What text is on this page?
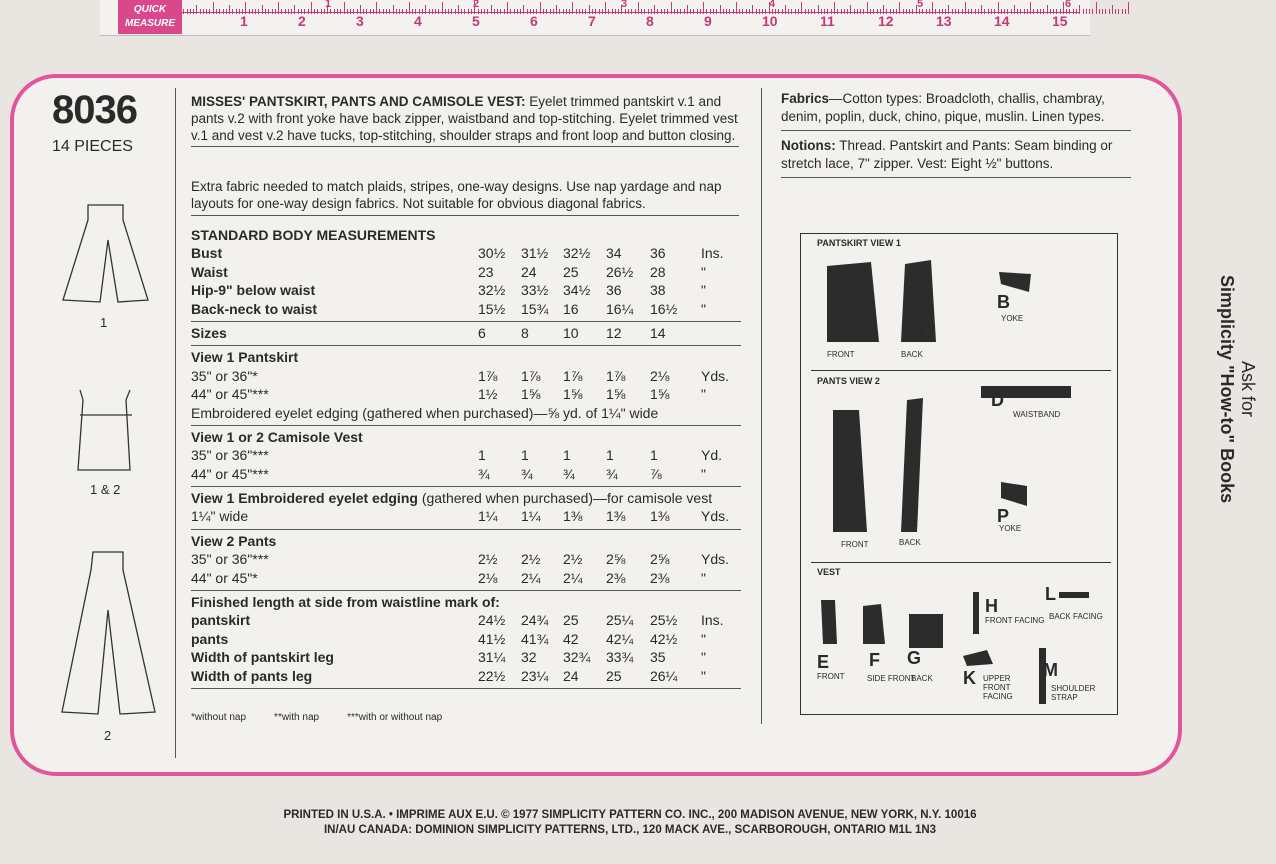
1	2	3	4	5	6	7	8	9	10	11	12	13	14	15
1	2	3	4	5	6
QUICK
MEASURE
8036
14 PIECES
1
1 & 2
2
MISSES' PANTSKIRT, PANTS AND CAMISOLE VEST: Eyelet trimmed pantskirt v.1 and pants v.2 with front yoke have back zipper, waistband and top-stitching. Eyelet trimmed vest v.1 and vest v.2 have tucks, top-stitching, shoulder straps and front loop and button closing.
Extra fabric needed to match plaids, stripes, one-way designs. Use nap yardage and nap layouts for one-way design fabrics. Not suitable for obvious diagonal fabrics.
STANDARD BODY MEASUREMENTS
Bust	30½ 31½ 32½ 34 36	Ins.
Waist	23 24 25 26½ 28	"
Hip-9" below waist	32½ 33½ 34½ 36 38	"
Back-neck to waist	15½ 15¾ 16 16¼ 16½ "
Sizes	6	8 10 12 14
View 1 Pantskirt
35" or 36"*	1⅞ 1⅞ 1⅞ 1⅞ 2⅛ Yds.
44" or 45"***	1½ 1⅝ 1⅝ 1⅝ 1⅝ "
Embroidered eyelet edging (gathered when purchased)—⅝ yd. of 1¼" wide
View 1 or 2 Camisole Vest
35" or 36"***	1	1 1	1	1	Yd.
44" or 45"***	¾ ¾ ¾ ¾ ⅞	"
View 1 Embroidered eyelet edging (gathered when purchased)—for camisole vest
1¼" wide	1¼ 1¼ 1⅜ 1⅜ 1⅜ Yds.
View 2 Pants
35" or 36"***	2½ 2½ 2½ 2⅝ 2⅝ Yds.
44" or 45"*	2⅛ 2¼ 2¼ 2⅜ 2⅜ "
Finished length at side from waistline mark of:
pantskirt	24½ 24¾ 25 25¼ 25½ Ins.
pants	41½ 41¾ 42 42¼ 42½ "
Width of pantskirt leg	31¼ 32 32¾ 33¾ 35	"
Width of pants leg	22½ 23¼ 24 25 26¼ "
*without nap	**with nap	***with or without nap
Fabrics—Cotton types: Broadcloth, challis, chambray, denim, poplin, duck, chino, pique, muslin. Linen types.
Notions: Thread. Pantskirt and Pants: Seam binding or stretch lace, 7" zipper. Vest: Eight ½" buttons.
PANTSKIRT VIEW 1
PANTS VIEW 2
VEST
A
FRONT
C
BACK
B
YOKE
D
WAISTBAND
N
FRONT
R
BACK
P
YOKE
E
FRONT
F
SIDE FRONT
G
BACK
H
FRONT FACING
L
BACK FACING
K UPPER FRONT FACING
M
SHOULDER STRAP
Ask for
Simplicity "How-to" Books
PRINTED IN U.S.A. • IMPRIME AUX E.U. © 1977 SIMPLICITY PATTERN CO. INC., 200 MADISON AVENUE, NEW YORK, N.Y. 10016
IN/AU CANADA: DOMINION SIMPLICITY PATTERNS, LTD., 120 MACK AVE., SCARBOROUGH, ONTARIO M1L 1N3
